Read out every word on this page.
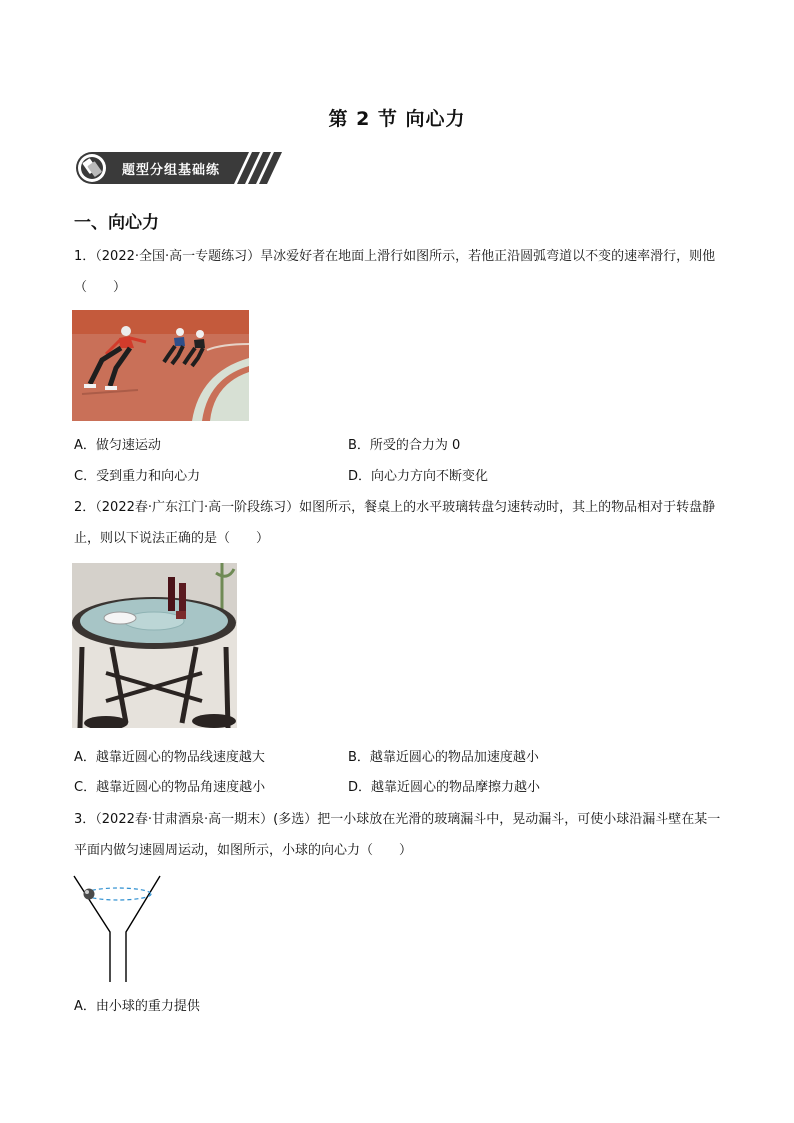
第 2 节 向心力
题型分组基础练
一、向心力
1．（2022·全国·高一专题练习）旱冰爱好者在地面上滑行如图所示，若他正沿圆弧弯道以不变的速率滑行，则他（　　）
A．做匀速运动	B．所受的合力为 0
C．受到重力和向心力	D．向心力方向不断变化
2．（2022春·广东江门·高一阶段练习）如图所示，餐桌上的水平玻璃转盘匀速转动时，其上的物品相对于转盘静止，则以下说法正确的是（　　）
A．越靠近圆心的物品线速度越大	B．越靠近圆心的物品加速度越小
C．越靠近圆心的物品角速度越小	D．越靠近圆心的物品摩擦力越小
3．（2022春·甘肃酒泉·高一期末）(多选）把一小球放在光滑的玻璃漏斗中，晃动漏斗，可使小球沿漏斗壁在某一平面内做匀速圆周运动，如图所示，小球的向心力（　　）
A．由小球的重力提供
